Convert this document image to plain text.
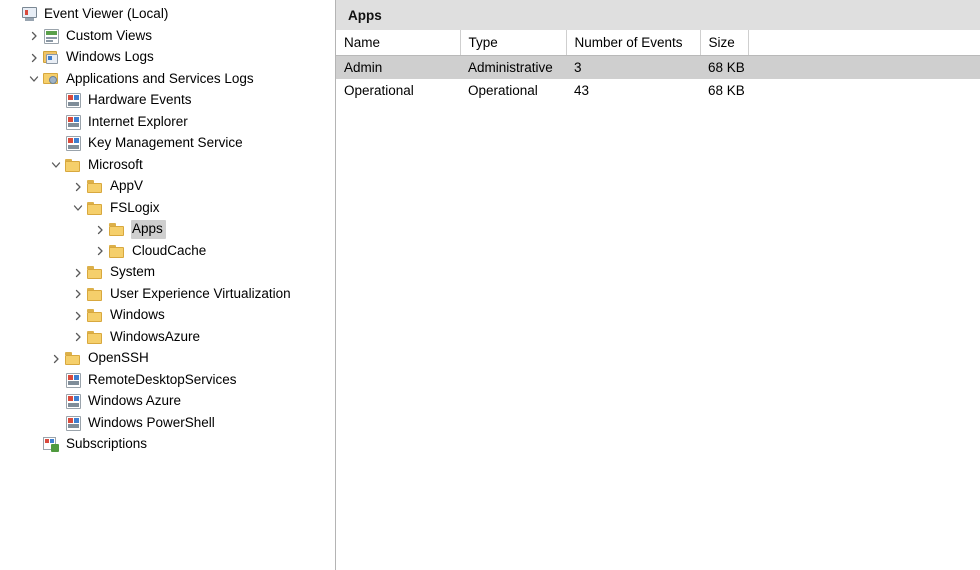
Event Viewer (Local)
Custom Views
Windows Logs
Applications and Services Logs
Hardware Events
Internet Explorer
Key Management Service
Microsoft
AppV
FSLogix
Apps
CloudCache
System
User Experience Virtualization
Windows
WindowsAzure
OpenSSH
RemoteDesktopServices
Windows Azure
Windows PowerShell
Subscriptions
Apps
Name	Type	Number of Events	Size	
Admin	Administrative	3	68 KB	
Operational	Operational	43	68 KB	
